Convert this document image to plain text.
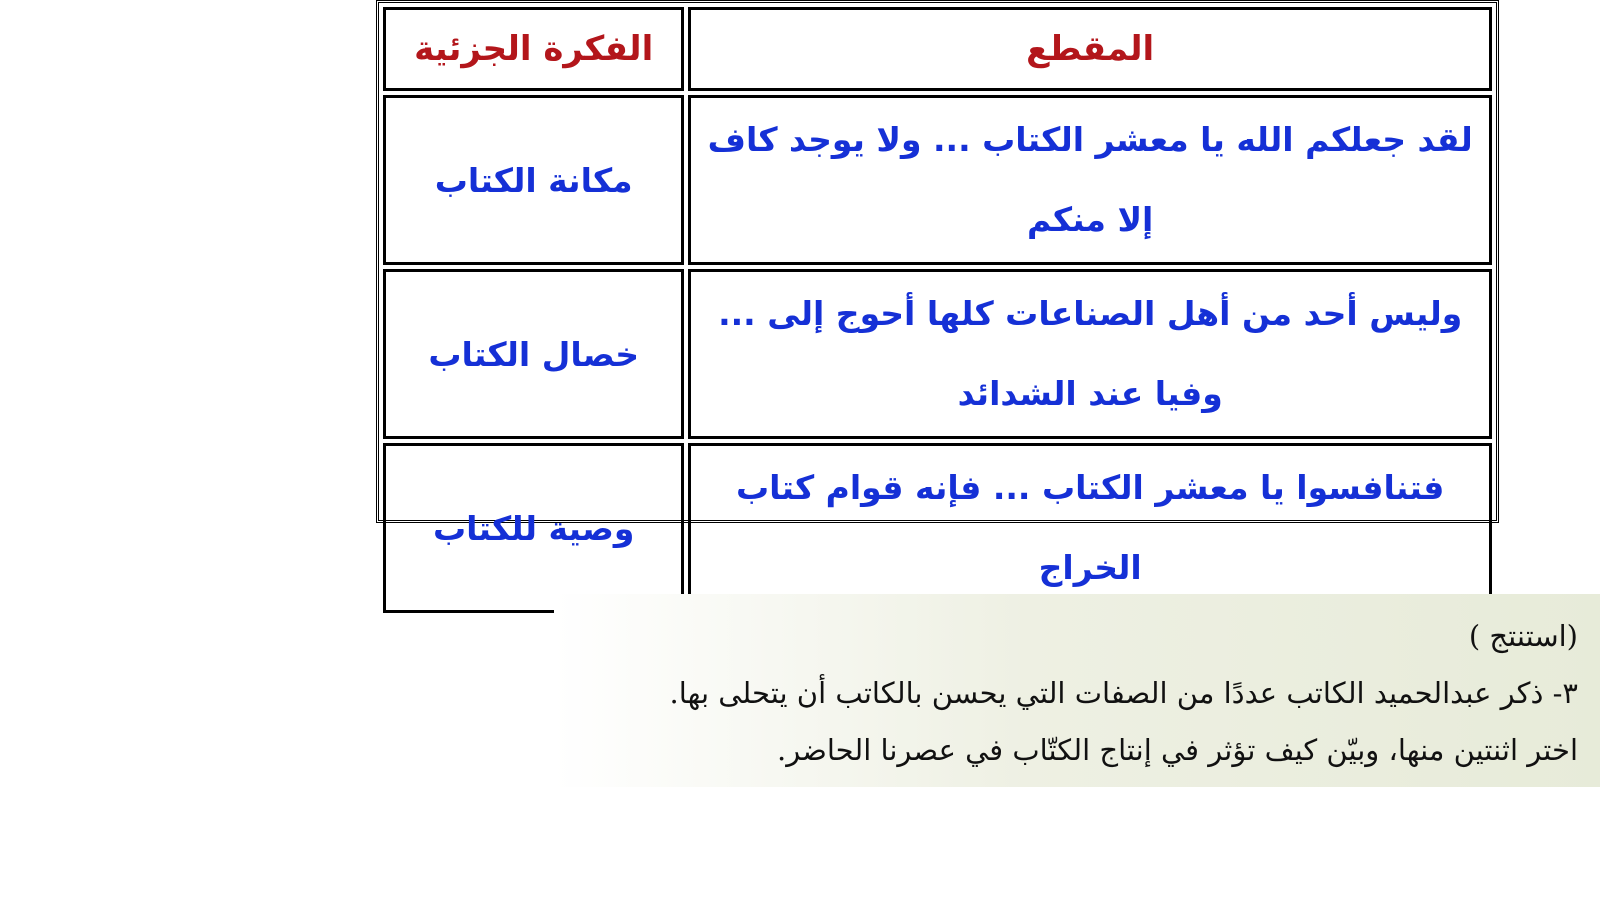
المقطع	الفكرة الجزئية
لقد جعلكم الله يا معشر الكتاب ... ولا يوجد كاف إلا منكم	مكانة الكتاب
وليس أحد من أهل الصناعات كلها أحوج إلى ... وفيا عند الشدائد	خصال الكتاب
فتنافسوا يا معشر الكتاب ... فإنه قوام كتاب الخراج	وصية للكتاب
(استنتج )
٣- ذكر عبدالحميد الكاتب عددًا من الصفات التي يحسن بالكاتب أن يتحلى بها.
اختر اثنتين منها، وبيّن كيف تؤثر في إنتاج الكتّاب في عصرنا الحاضر.
